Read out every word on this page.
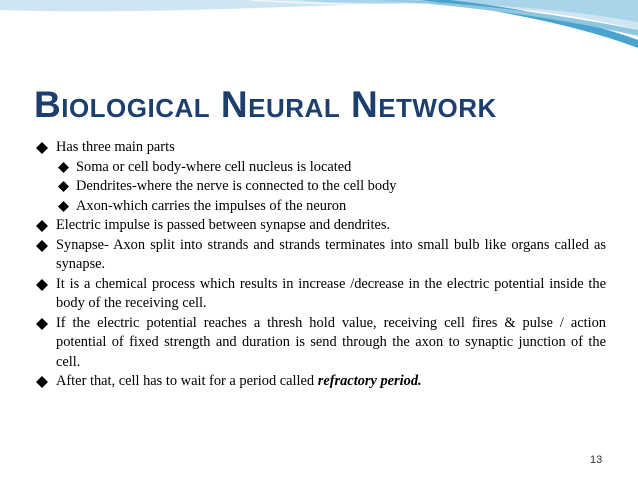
Biological Neural Network
Has three main parts
Soma or cell body-where cell nucleus is located
Dendrites-where the nerve is connected to the cell body
Axon-which carries the impulses of the neuron
Electric impulse is passed between synapse and dendrites.
Synapse- Axon split into strands and strands terminates into small bulb like organs called as synapse.
It is a chemical process which results in increase /decrease in the electric potential inside the body of the receiving cell.
If the electric potential reaches a thresh hold value, receiving cell fires & pulse / action potential of fixed strength and duration is send through the axon to synaptic junction of the cell.
After that, cell has to wait for a period called refractory period.
13
